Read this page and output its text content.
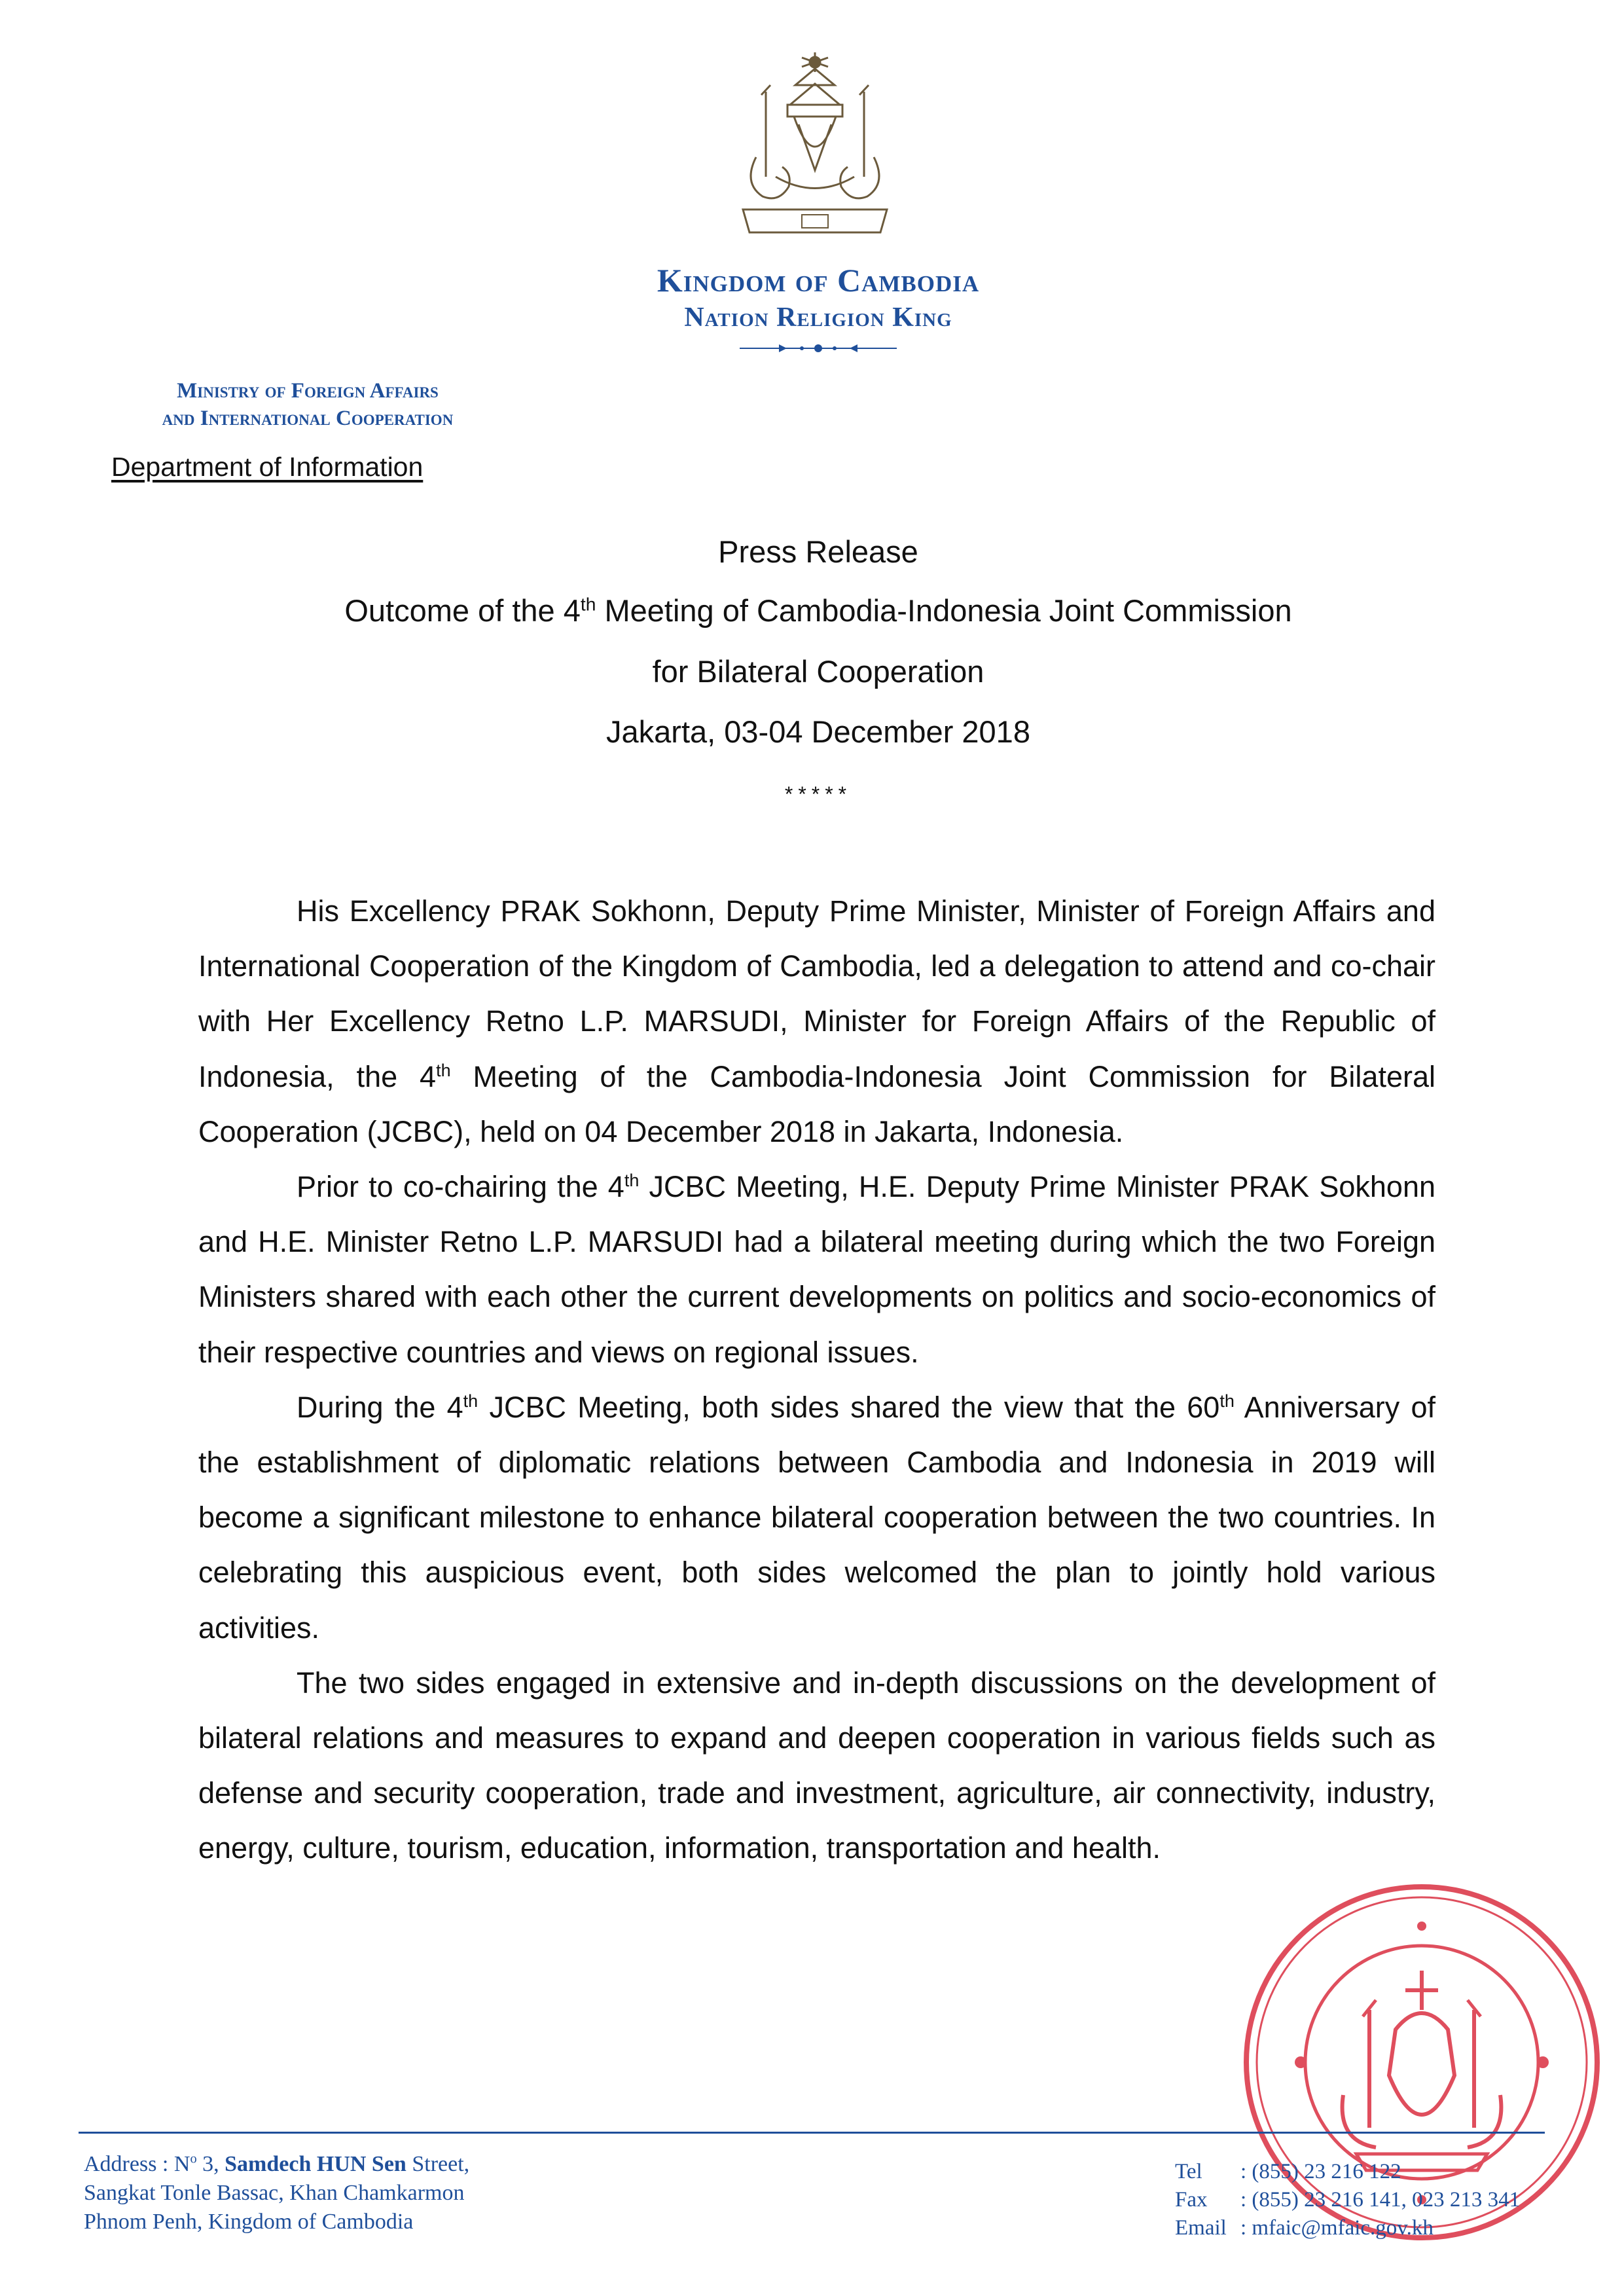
Kingdom of Cambodia
Nation Religion King
Ministry of Foreign Affairs
and International Cooperation
Department of Information
Press Release
Outcome of the 4th Meeting of Cambodia-Indonesia Joint Commission
for Bilateral Cooperation
Jakarta, 03-04 December 2018
*****

His Excellency PRAK Sokhonn, Deputy Prime Minister, Minister of Foreign Affairs and International Cooperation of the Kingdom of Cambodia, led a delegation to attend and co-chair with Her Excellency Retno L.P. MARSUDI, Minister for Foreign Affairs of the Republic of Indonesia, the 4th Meeting of the Cambodia-Indonesia Joint Commission for Bilateral Cooperation (JCBC), held on 04 December 2018 in Jakarta, Indonesia.

Prior to co-chairing the 4th JCBC Meeting, H.E. Deputy Prime Minister PRAK Sokhonn and H.E. Minister Retno L.P. MARSUDI had a bilateral meeting during which the two Foreign Ministers shared with each other the current developments on politics and socio-economics of their respective countries and views on regional issues.

During the 4th JCBC Meeting, both sides shared the view that the 60th Anniversary of the establishment of diplomatic relations between Cambodia and Indonesia in 2019 will become a significant milestone to enhance bilateral cooperation between the two countries. In celebrating this auspicious event, both sides welcomed the plan to jointly hold various activities.

The two sides engaged in extensive and in-depth discussions on the development of bilateral relations and measures to expand and deepen cooperation in various fields such as defense and security cooperation, trade and investment, agriculture, air connectivity, industry, energy, culture, tourism, education, information, transportation and health.

Address : $N^o$ 3, Samdech HUN Sen Street,
Sangkat Tonle Bassac, Khan Chamkarmon
Phnom Penh, Kingdom of Cambodia
Tel : (855) 23 216 122
Fax : (855) 23 216 141, 023 213 341
Email : mfaic@mfaic.gov.kh
